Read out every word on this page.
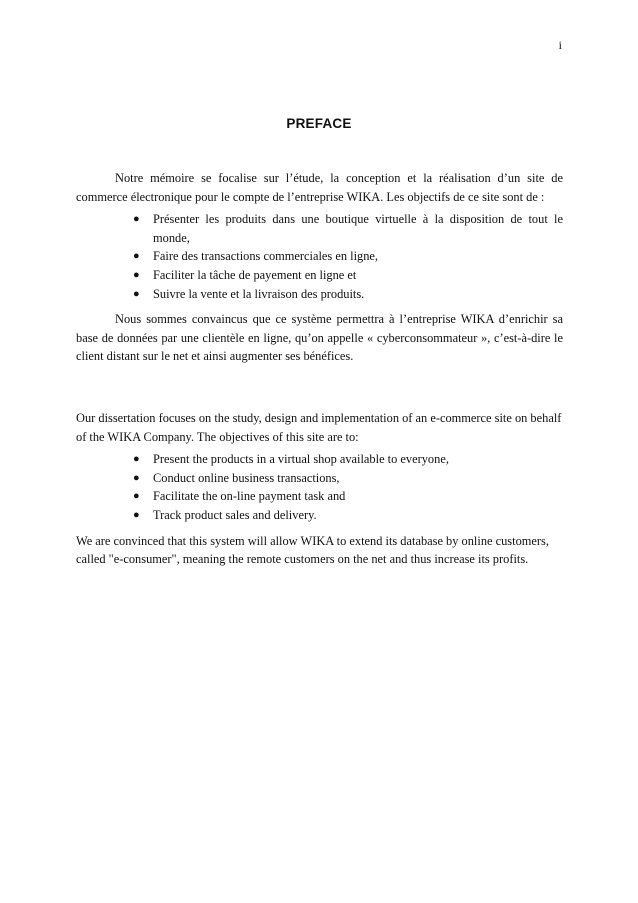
i
PREFACE

Notre mémoire se focalise sur l’étude, la conception et la réalisation d’un site de commerce électronique pour le compte de l’entreprise WIKA. Les objectifs de ce site sont de :

● Présenter les produits dans une boutique virtuelle à la disposition de tout le monde,
● Faire des transactions commerciales en ligne,
● Faciliter la tâche de payement en ligne et
● Suivre la vente et la livraison des produits.

Nous sommes convaincus que ce système permettra à l’entreprise WIKA d’enrichir sa base de données par une clientèle en ligne, qu’on appelle « cyberconsommateur », c’est-à-dire le client distant sur le net et ainsi augmenter ses bénéfices.

Our dissertation focuses on the study, design and implementation of an e-commerce site on behalf of the WIKA Company. The objectives of this site are to:

● Present the products in a virtual shop available to everyone,
● Conduct online business transactions,
● Facilitate the on-line payment task and
● Track product sales and delivery.

We are convinced that this system will allow WIKA to extend its database by online customers, called "e-consumer", meaning the remote customers on the net and thus increase its profits.
